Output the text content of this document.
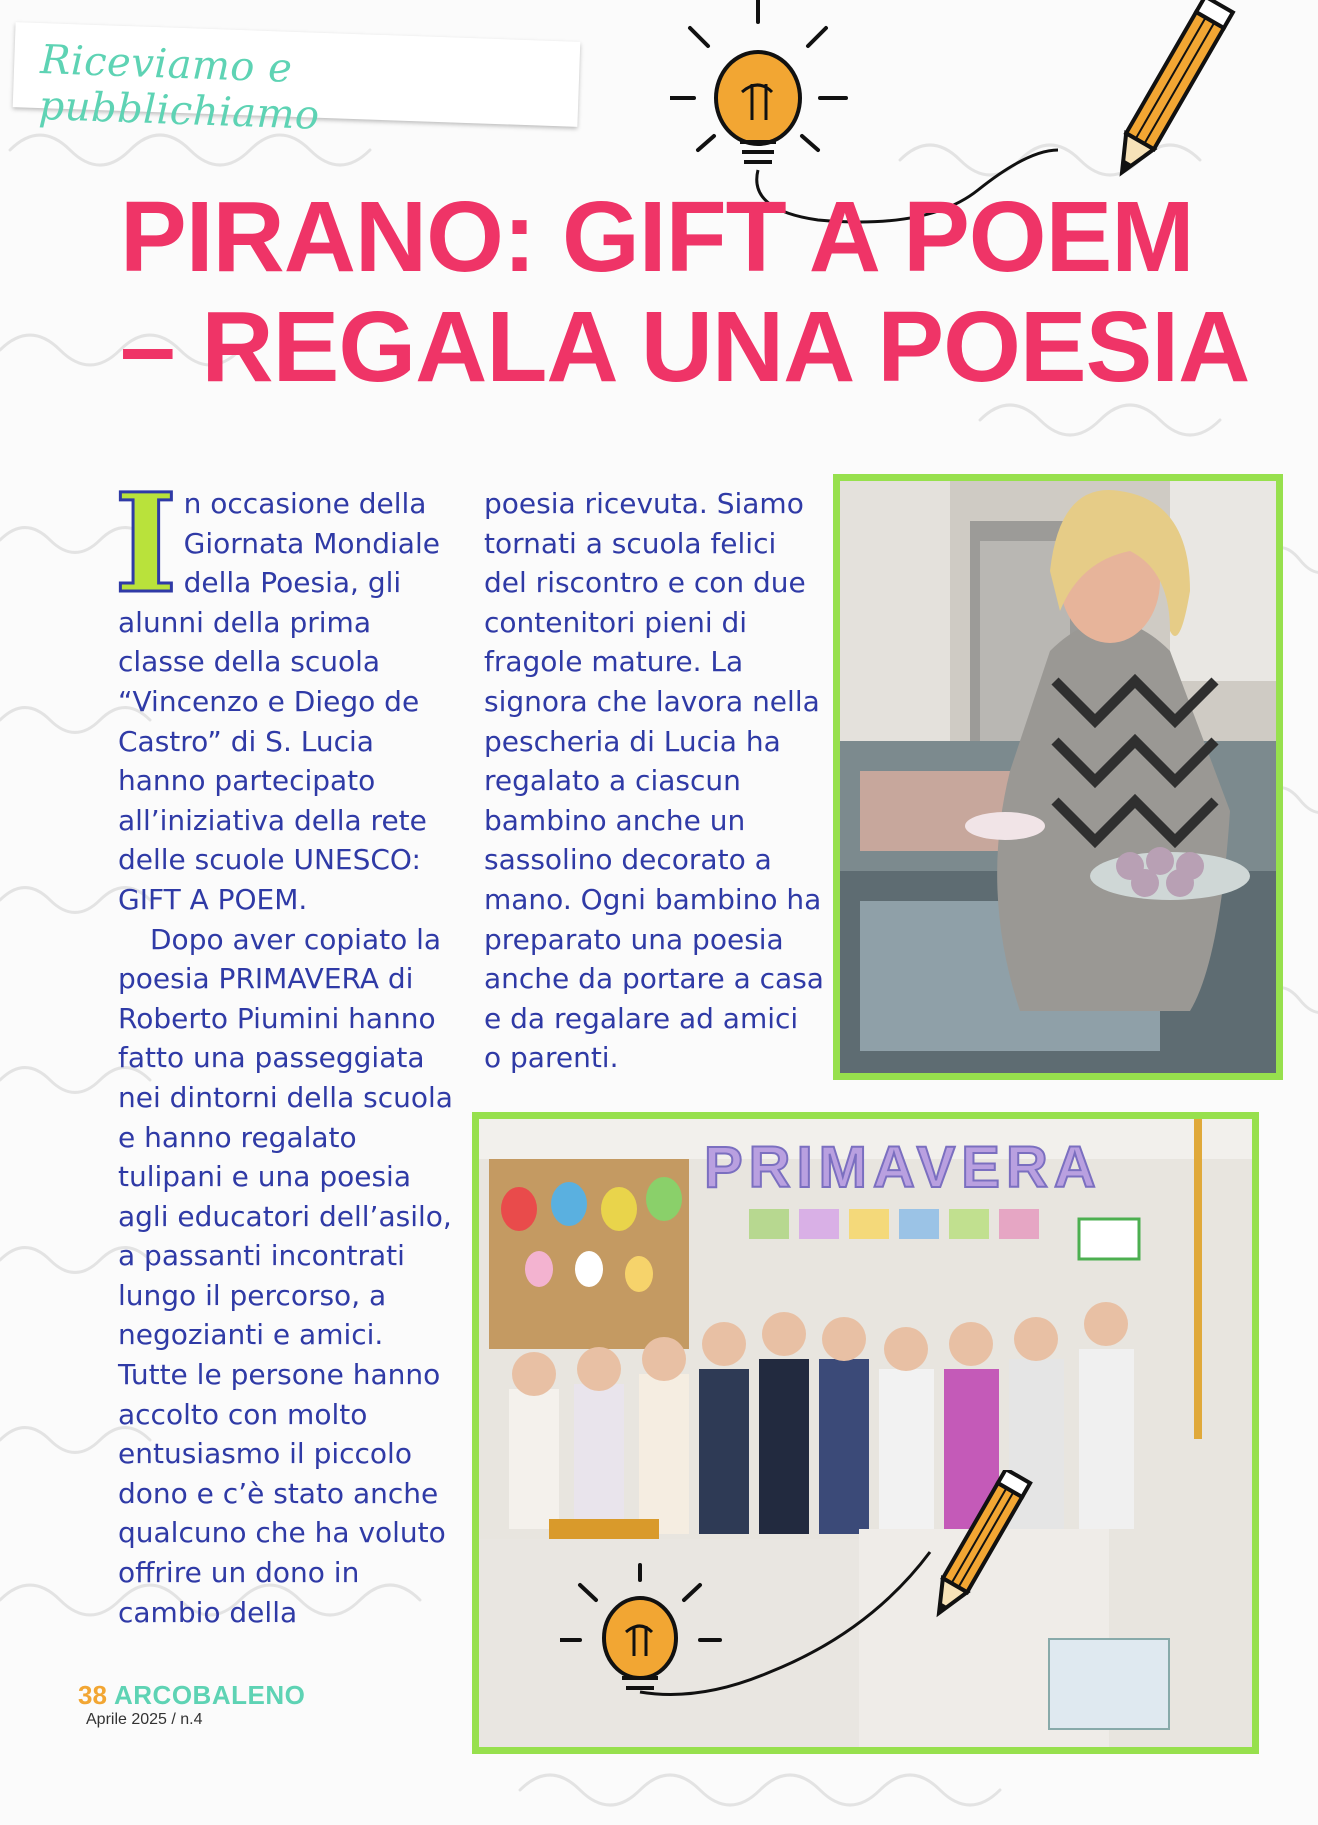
Riceviamo e pubblichiamo
PIRANO: GIFT A POEM
– REGALA UNA POESIA
I n occasione della Giornata Mondiale della Poesia, gli alunni della prima classe della scuola “Vincenzo e Diego de Castro” di S. Lucia hanno partecipato all’iniziativa della rete delle scuole UNESCO: GIFT A POEM.

Dopo aver copiato la poesia PRIMAVERA di Roberto Piumini hanno fatto una passeggiata nei dintorni della scuola e hanno regalato tulipani e una poesia agli educatori dell’asilo, a passanti incontrati lungo il percorso, a negozianti e amici. Tutte le persone hanno accolto con molto entusiasmo il piccolo dono e c’è stato anche qualcuno che ha voluto offrire un dono in cambio della

poesia ricevuta. Siamo tornati a scuola felici del riscontro e con due contenitori pieni di fragole mature. La signora che lavora nella pescheria di Lucia ha regalato a ciascun bambino anche un sassolino decorato a mano. Ogni bambino ha preparato una poesia anche da portare a casa e da regalare ad amici o parenti.

PRIMAVERA
38 ARCOBALENO
Aprile 2025 / n.4
